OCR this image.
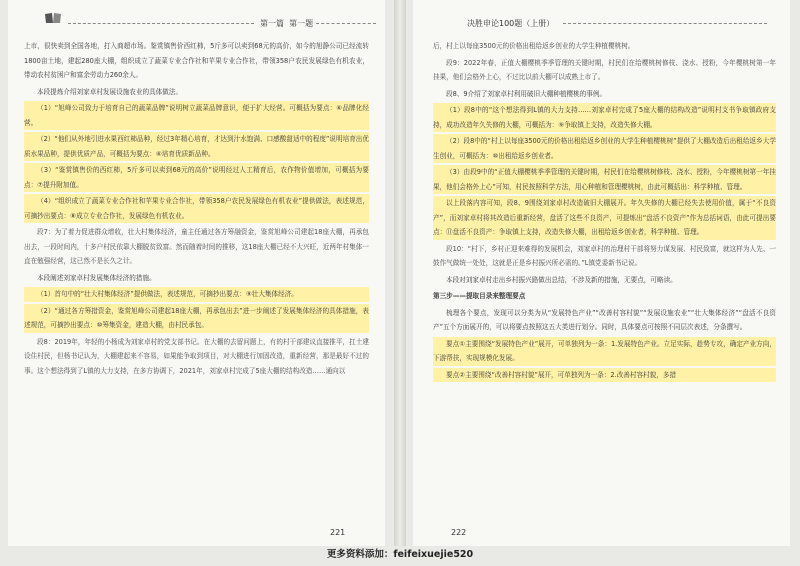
第一篇 第一题

上市，很快卖到全国各地，打入商超市场。鉴赏镇售价西红柿，5斤多可以卖到68元的高价，如今的旭静公司已经流转1800亩土地，建起280座大棚，组织成立了蔬菜专业合作社和苹果专业合作社，带领358户农民发展绿色有机农业，带动农村贫困户和富余劳动力260余人。

本段提炼介绍刘家卓村发展设施农业的具体做法。

（1）“旭峰公司致力于培育自己的蔬菜品牌”说明树立蔬菜品牌意识，便于扩大经营。可概括为要点：⑥品牌化经营。

（2）“他们从外地引进水果西红柿品种，经过3年精心培育，才达到汁水饱满、口感酸甜适中的程度”说明培育出优质水果品种，提供优质产品，可概括为要点：⑥培育优质新品种。

（3）“鉴赏镇售价的西红柿，5斤多可以卖到68元的高价”说明经过人工精育后，农作物价值增加，可概括为要点：⑦提升附加值。

（4）“组织成立了蔬菜专业合作社和苹果专业合作社，带领358户农民发展绿色有机农业”提供做法，表述规范，可摘抄出要点：⑧成立专业合作社，发展绿色有机农业。

段7：为了着力促进群众增收，壮大村集体经济，童主任通过各方筹融资金，鉴赏旭峰公司建起18座大棚，再承包出去，一段时间内，十多户村民依靠大棚脱贫致富。然而随着时间的推移，这18座大棚已经不大兴旺，近两年村集体一直在勉强经营，这已然不是长久之计。

本段阐述刘家卓村发展集体经济的措施。

（1）首句中的“壮大村集体经济”提供做法，表述规范，可摘抄出要点：⑨壮大集体经济。

（2）“通过各方筹措资金，鉴赏旭峰公司建起18座大棚，再承包出去”进一步阐述了发展集体经济的具体措施，表述规范，可摘抄出要点：⑩筹集资金，建造大棚，由村民承包。

段8：2019年，年轻的小杨成为刘家卓村的党支部书记。在大棚的去留问题上，有的村干部建议直接推平，扛土建设住村民，但杨书记认为，大棚建起来不容易，如果能争取到项目，对大棚进行加固改造，重新经营，那是最好不过的事。这个想法得到了L镇的大力支持，在多方协调下，2021年，刘家卓村完成了5座大棚的结构改造……通向以

221
决胜申论100题（上册）

后，村上以每座3500元的价格出租给返乡创业的大学生种植樱桃树。

段9：2022年春，正值大棚樱桃季季管理的关键时期，村民们在给樱桃树修枝、浇水、授粉，今年樱桃树第一年挂果，他们会格外上心，不过比以前大棚可以成熟上市了。

段8、9介绍了刘家卓村利用破旧大棚种植樱桃的事例。

（1）段8中的“这个想法得到L镇的大力支持……刘家卓村完成了5座大棚的结构改造”说明村支书争取镇政府支持，成功改造年久失修的大棚，可概括为：⑨争取镇上支持，改造失修大棚。

（2）段8中的“村上以每座3500元的价格出租给返乡创业的大学生种植樱桃树”提供了大棚改造后出租给返乡大学生创业，可概括为：⑩出租给返乡创业者。

（3）由段9中的“正值大棚樱桃季季管理的关键时期，村民们在给樱桃树修枝、浇水、授粉，今年樱桃树第一年挂果，他们会格外上心”可知，村民按照科学方法，用心种植和管理樱桃树，由此可概括出：科学种植、管理。

以上段落内容可知，段8、9围绕刘家卓村改造破旧大棚展开。年久失修的大棚已经失去使用价值，属于“不良资产”，而刘家卓村将其改造后重新经营，盘活了这些不良资产，可提炼出“盘活不良资产”作为总括词语，由此可提出要点：⑪盘活不良资产：争取镇上支持，改造失修大棚，出租给返乡创业者，科学种植、管理。

段10：“村下，乡村正迎来难得的发展机会，刘家卓村的治理村干部将努力谋发展、村民致富，就这样为人先、一鼓作气做统一处处，这就是正是乡村振兴所必需的。”L镇党委新书记说。

本段对刘家卓村走出乡村振兴路做出总结，不涉及新的措施，无要点，可略读。

第三步——提取目录来整理要点

梳理各个要点，发现可以分类为从“发展特色产业”“改善村容村貌”“发展设施农业”“壮大集体经济”“盘活不良资产”五个方面展开的，可以将要点按照这五大类进行划分。同时，具体要点可按照不同层次表述，分条撰写。

要点①主要围绕“发展特色产业”展开，可单独列为一条：1.发展特色产业。立足实际，趁势专攻，确定产业方向，下游帮扶，实现规模化发展。

要点②主要围绕“改善村容村貌”展开，可单独列为一条：2.改善村容村貌，多措

222
更多资料添加：feifeixuejie520
